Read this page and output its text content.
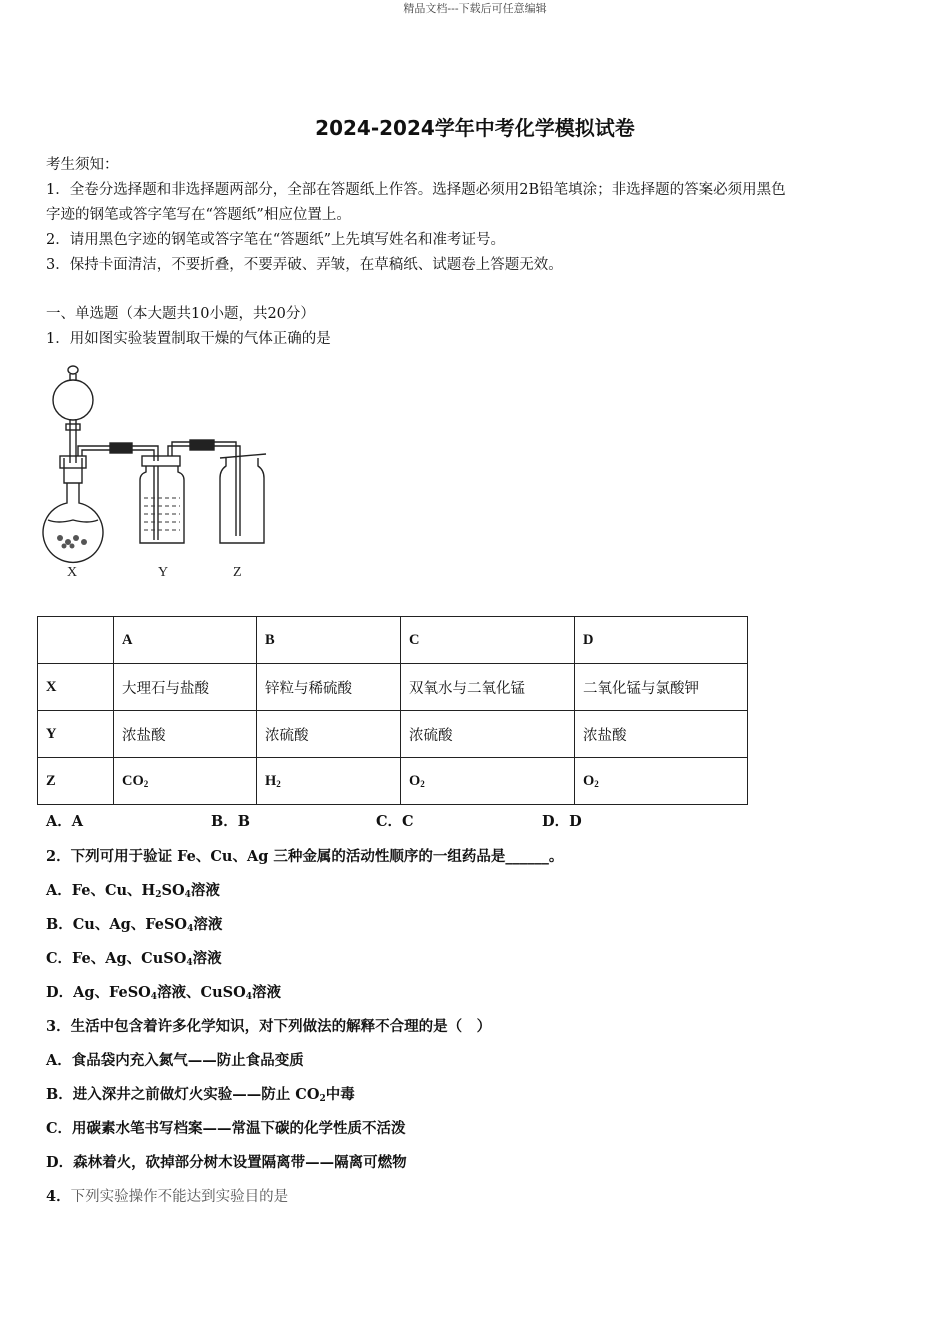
精品文档---下载后可任意编辑
2024-2024学年中考化学模拟试卷
考生须知：
1．全卷分选择题和非选择题两部分，全部在答题纸上作答。选择题必须用2B铅笔填涂；非选择题的答案必须用黑色
字迹的钢笔或答字笔写在“答题纸”相应位置上。
2．请用黑色字迹的钢笔或答字笔在“答题纸”上先填写姓名和准考证号。
3．保持卡面清洁，不要折叠，不要弄破、弄皱，在草稿纸、试题卷上答题无效。
一、单选题（本大题共10小题，共20分）
1．用如图实验装置制取干燥的气体正确的是
X	Y	Z
	A	B	C	D
X	大理石与盐酸	锌粒与稀硫酸	双氧水与二氧化锰	二氧化锰与氯酸钾
Y	浓盐酸	浓硫酸	浓硫酸	浓盐酸
Z	$CO_2$	$H_2$	$O_2$	$O_2$
A．A	B．B	C．C	D．D
2．下列可用于验证 Fe、Cu、Ag 三种金属的活动性顺序的一组药品是______。
A．Fe、Cu、$H_2SO_4$溶液
B．Cu、Ag、FeSO$_4$溶液
C．Fe、Ag、CuSO$_4$溶液
D．Ag、FeSO$_4$溶液、CuSO$_4$溶液
3．生活中包含着许多化学知识，对下列做法的解释不合理的是（　）
A．食品袋内充入氮气——防止食品变质
B．进入深井之前做灯火实验——防止 $CO_2$中毒
C．用碳素水笔书写档案——常温下碳的化学性质不活泼
D．森林着火，砍掉部分树木设置隔离带——隔离可燃物
4．下列实验操作不能达到实验目的是
